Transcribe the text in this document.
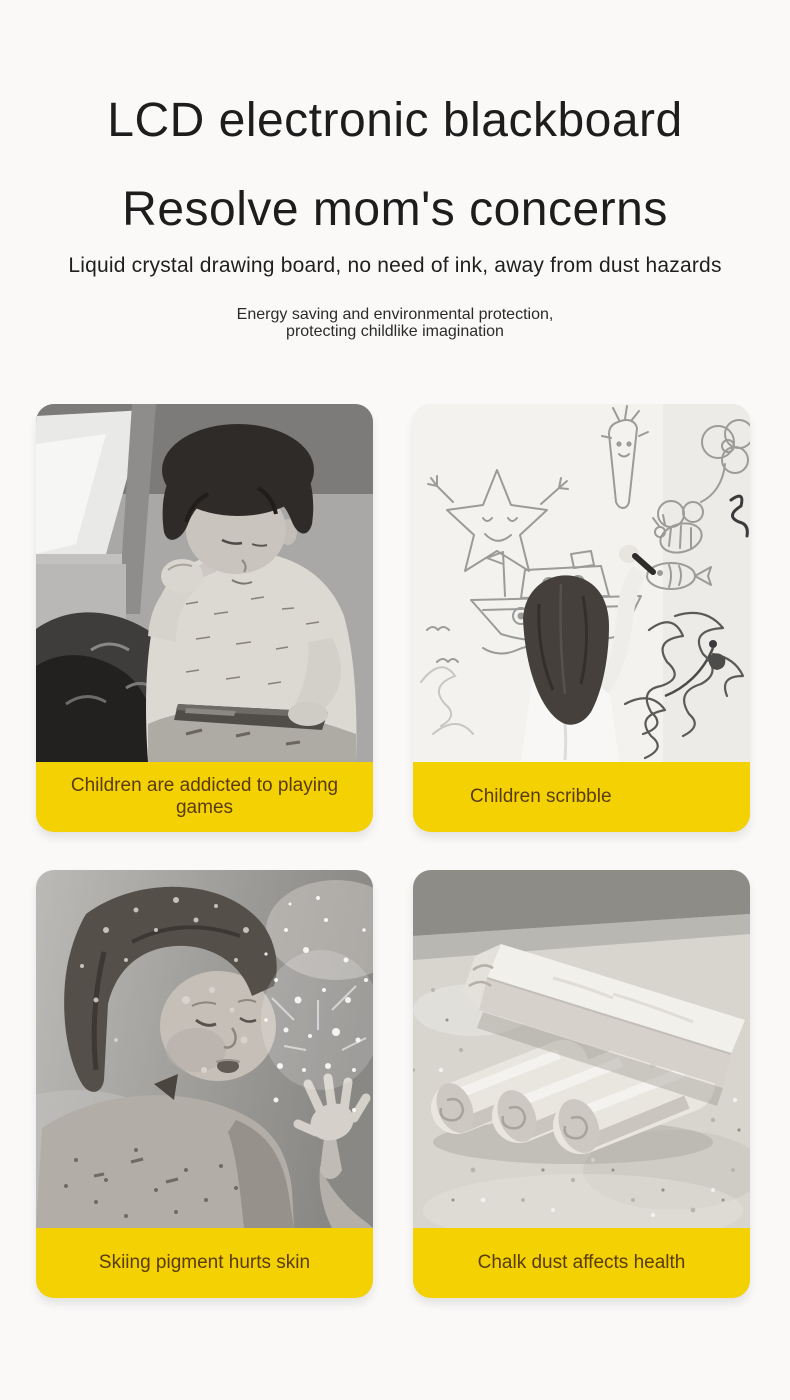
LCD electronic blackboard
Resolve mom's concerns

Liquid crystal drawing board, no need of ink, away from dust hazards

Energy saving and environmental protection,
protecting childlike imagination

Children are addicted to playing games
Children scribble
Skiing pigment hurts skin	Chalk dust affects health
